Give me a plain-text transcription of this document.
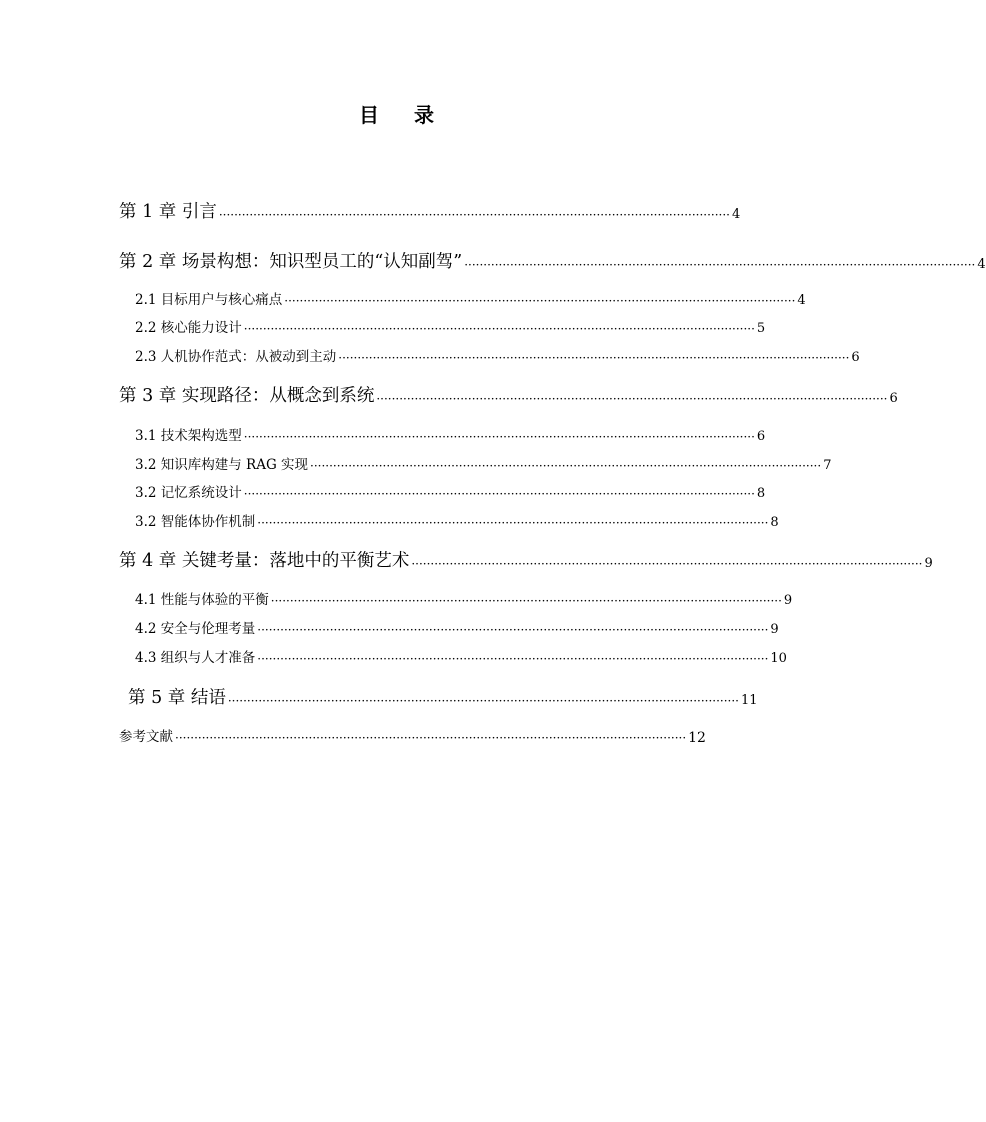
目 录
第 1 章 引言 ······································································································································ 4
第 2 章 场景构想：知识型员工的“认知副驾” ······································································································································ 4
2.1 目标用户与核心痛点 ······································································································································ 4
2.2 核心能力设计 ······································································································································ 5
2.3 人机协作范式：从被动到主动 ······································································································································ 6
第 3 章 实现路径：从概念到系统 ······································································································································ 6
3.1 技术架构选型 ······································································································································ 6
3.2 知识库构建与 RAG 实现 ······································································································································ 7
3.2 记忆系统设计 ······································································································································ 8
3.2 智能体协作机制 ······································································································································ 8
第 4 章 关键考量：落地中的平衡艺术 ······································································································································ 9
4.1 性能与体验的平衡 ······································································································································ 9
4.2 安全与伦理考量 ······································································································································ 9
4.3 组织与人才准备 ······································································································································ 10
第 5 章 结语 ······································································································································ 11
参考文献 ······································································································································ 12
